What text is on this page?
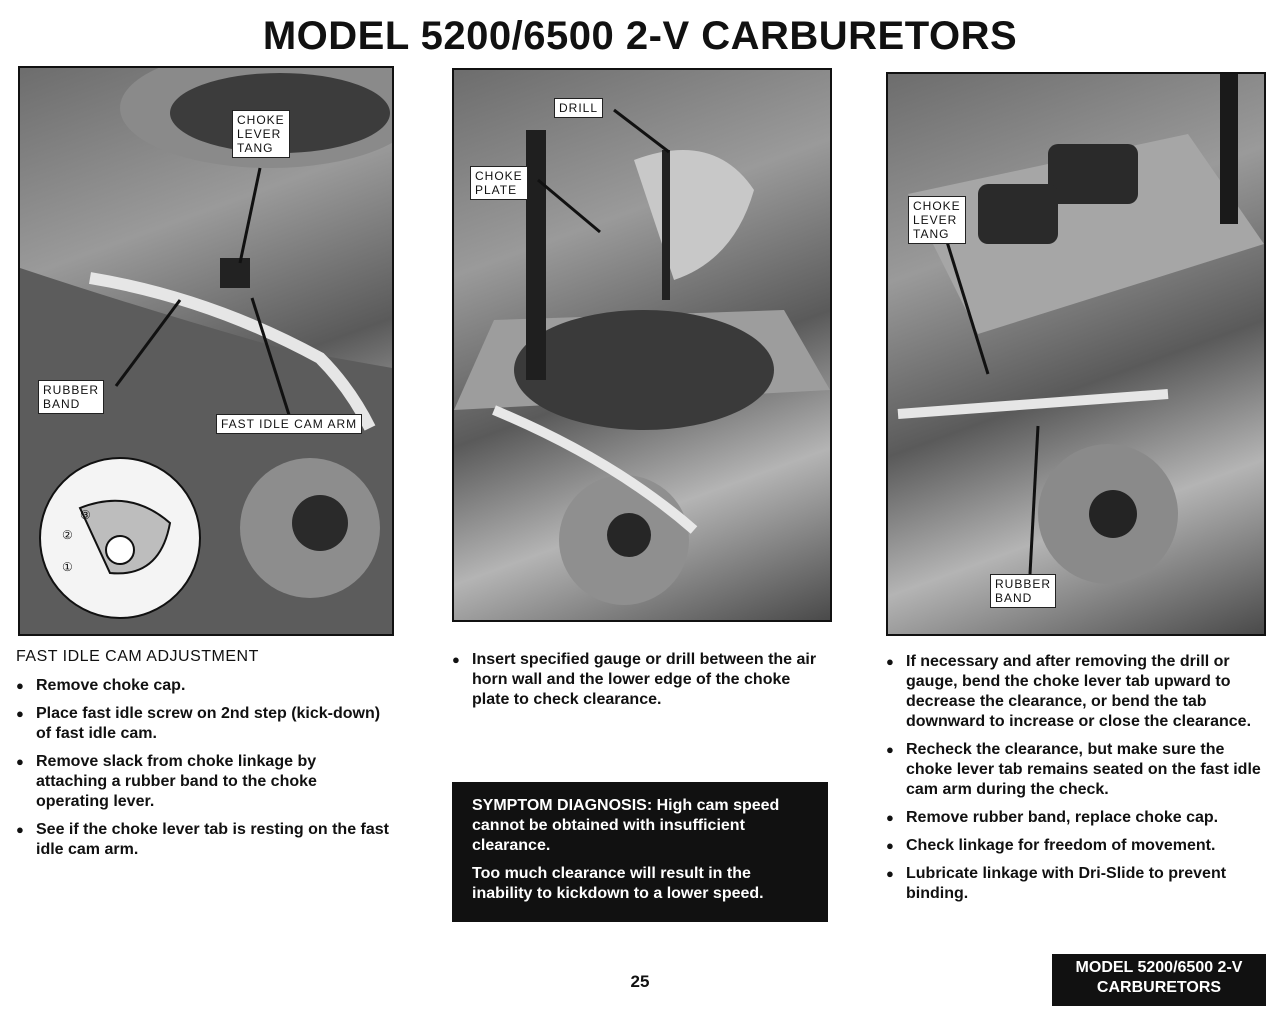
MODEL 5200/6500 2-V CARBURETORS
CHOKE
LEVER
TANG
RUBBER
BAND
FAST IDLE CAM ARM
③
②
①
DRILL
CHOKE
PLATE
CHOKE
LEVER
TANG
RUBBER
BAND
FAST IDLE CAM ADJUSTMENT
● Remove choke cap.
● Place fast idle screw on 2nd step (kick-down) of fast idle cam.
● Remove slack from choke linkage by attaching a rubber band to the choke operating lever.
● See if the choke lever tab is resting on the fast idle cam arm.
● Insert specified gauge or drill between the air horn wall and the lower edge of the choke plate to check clearance.

SYMPTOM DIAGNOSIS: High cam speed cannot be obtained with insufficient clearance.

Too much clearance will result in the inability to kickdown to a lower speed.

● If necessary and after removing the drill or gauge, bend the choke lever tab upward to decrease the clearance, or bend the tab downward to increase or close the clearance.
● Recheck the clearance, but make sure the choke lever tab remains seated on the fast idle cam arm during the check.
● Remove rubber band, replace choke cap.
● Check linkage for freedom of movement.
● Lubricate linkage with Dri-Slide to prevent binding.
25
MODEL 5200/6500 2-V
CARBURETORS
